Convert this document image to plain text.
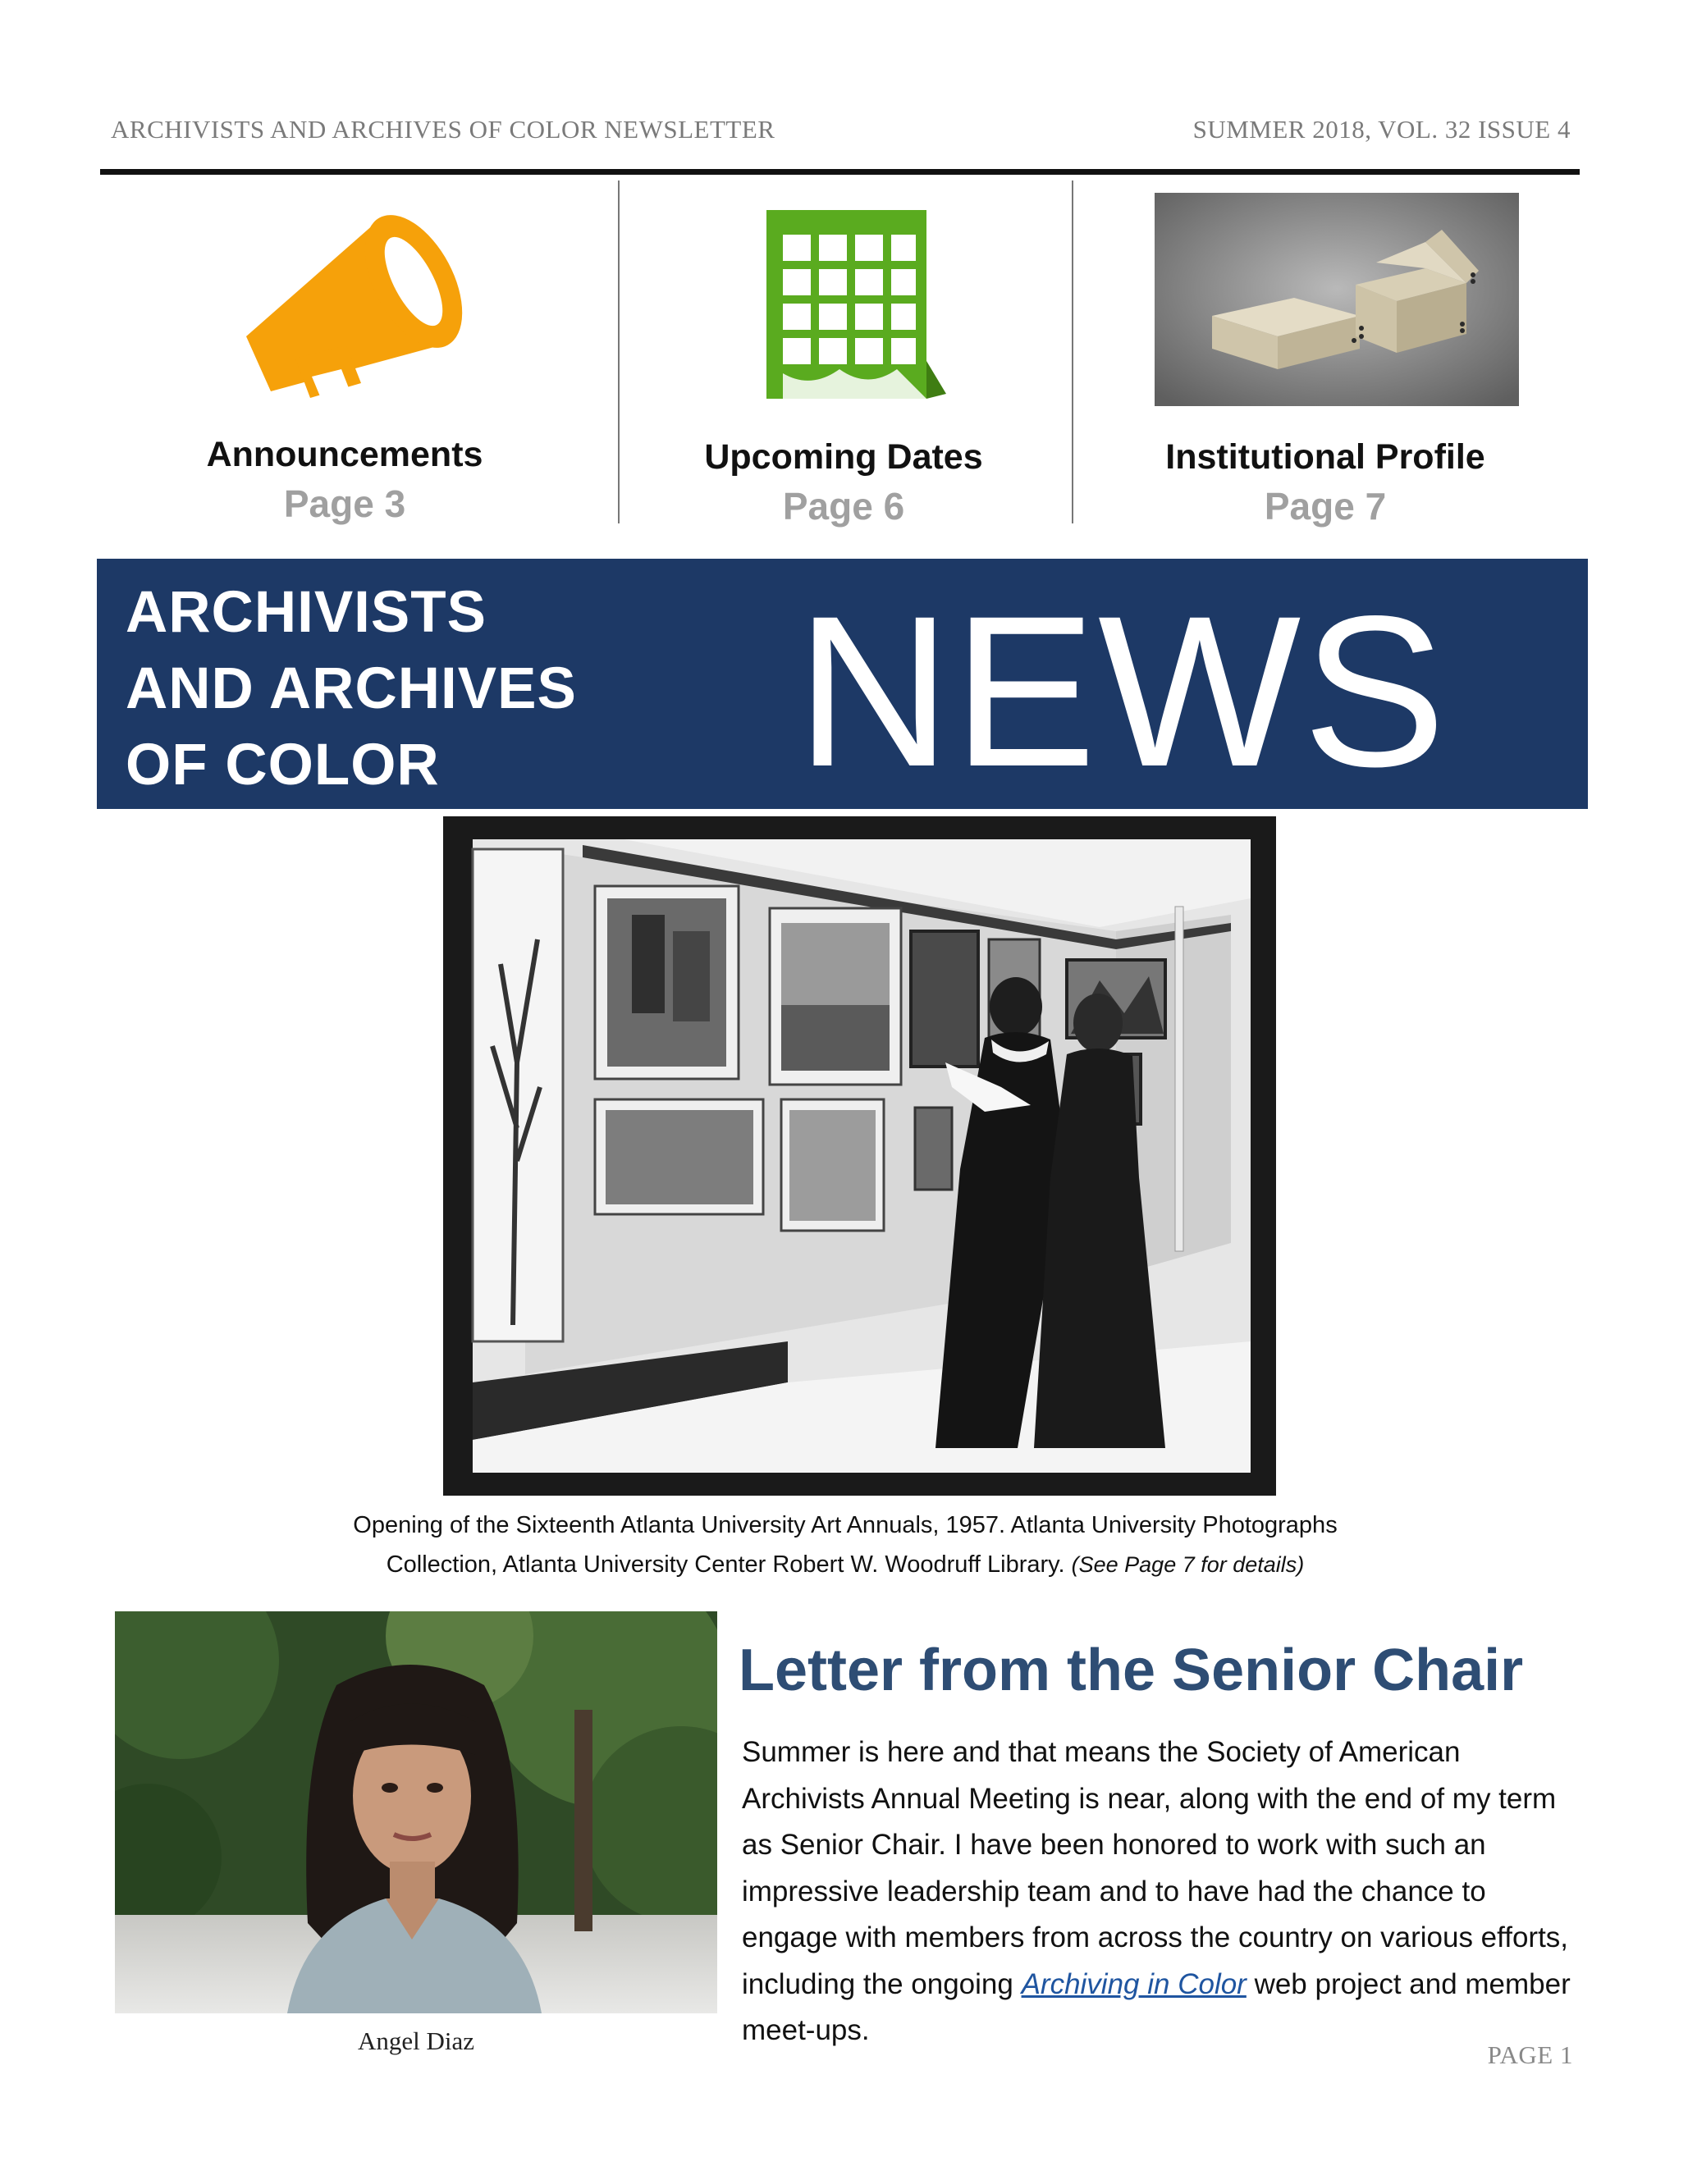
ARCHIVISTS AND ARCHIVES OF COLOR NEWSLETTER	SUMMER 2018, VOL. 32 ISSUE 4
Announcements
Page 3
Upcoming Dates
Page 6
Institutional Profile
Page 7
ARCHIVISTS
AND ARCHIVES
OF COLOR	NEWS
Opening of the Sixteenth Atlanta University Art Annuals, 1957. Atlanta University Photographs
Collection, Atlanta University Center Robert W. Woodruff Library. (See Page 7 for details)
Angel Diaz
Letter from the Senior Chair
Summer is here and that means the Society of American Archivists Annual Meeting is near, along with the end of my term as Senior Chair. I have been honored to work with such an impressive leadership team and to have had the chance to engage with members from across the country on various efforts, including the ongoing Archiving in Color web project and member meet-ups.
PAGE 1
